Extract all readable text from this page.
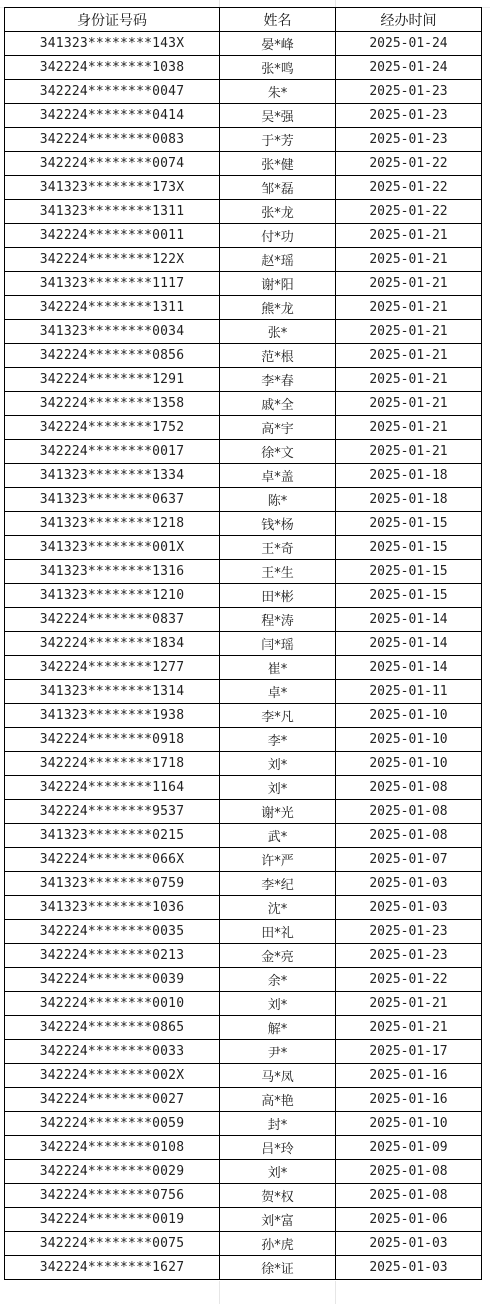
身份证号码	姓名	经办时间
341323********143X	晏*峰	2025-01-24
342224********1038	张*鸣	2025-01-24
342224********0047	朱*	2025-01-23
342224********0414	吴*强	2025-01-23
342224********0083	于*芳	2025-01-23
342224********0074	张*健	2025-01-22
341323********173X	邹*磊	2025-01-22
341323********1311	张*龙	2025-01-22
342224********0011	付*功	2025-01-21
342224********122X	赵*瑶	2025-01-21
341323********1117	谢*阳	2025-01-21
342224********1311	熊*龙	2025-01-21
341323********0034	张*	2025-01-21
342224********0856	范*根	2025-01-21
342224********1291	李*春	2025-01-21
342224********1358	戚*全	2025-01-21
342224********1752	高*宇	2025-01-21
342224********0017	徐*文	2025-01-21
341323********1334	卓*盖	2025-01-18
341323********0637	陈*	2025-01-18
341323********1218	钱*杨	2025-01-15
341323********001X	王*奇	2025-01-15
341323********1316	王*生	2025-01-15
341323********1210	田*彬	2025-01-15
342224********0837	程*涛	2025-01-14
342224********1834	闫*瑶	2025-01-14
342224********1277	崔*	2025-01-14
341323********1314	卓*	2025-01-11
341323********1938	李*凡	2025-01-10
342224********0918	李*	2025-01-10
342224********1718	刘*	2025-01-10
342224********1164	刘*	2025-01-08
342224********9537	谢*光	2025-01-08
341323********0215	武*	2025-01-08
342224********066X	许*严	2025-01-07
341323********0759	李*纪	2025-01-03
341323********1036	沈*	2025-01-03
342224********0035	田*礼	2025-01-23
342224********0213	金*亮	2025-01-23
342224********0039	余*	2025-01-22
342224********0010	刘*	2025-01-21
342224********0865	解*	2025-01-21
342224********0033	尹*	2025-01-17
342224********002X	马*凤	2025-01-16
342224********0027	高*艳	2025-01-16
342224********0059	封*	2025-01-10
342224********0108	吕*玲	2025-01-09
342224********0029	刘*	2025-01-08
342224********0756	贺*权	2025-01-08
342224********0019	刘*富	2025-01-06
342224********0075	孙*虎	2025-01-03
342224********1627	徐*证	2025-01-03
